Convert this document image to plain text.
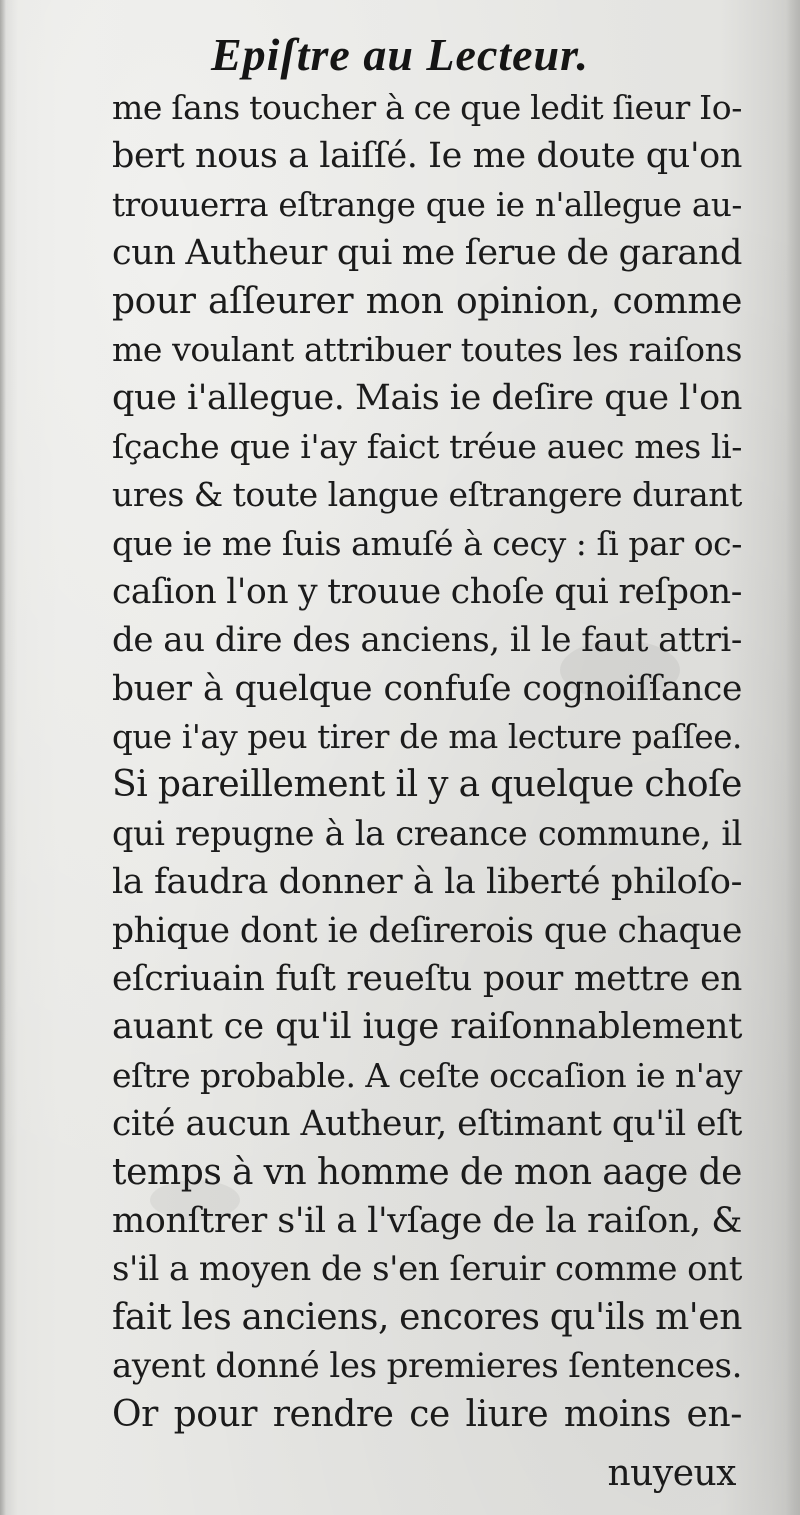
Epiſtre au Lecteur.
me ſans toucher à ce que ledit ſieur Io-
bert nous a laiſſé. Ie me doute qu'on
trouuerra eſtrange que ie n'allegue au-
cun Autheur qui me ſerue de garand
pour aſſeurer mon opinion, comme
me voulant attribuer toutes les raiſons
que i'allegue. Mais ie deſire que l'on
ſçache que i'ay faict tréue auec mes li-
ures & toute langue eſtrangere durant
que ie me ſuis amuſé à cecy : ſi par oc-
caſion l'on y trouue choſe qui reſpon-
de au dire des anciens, il le faut attri-
buer à quelque confuſe cognoiſſance
que i'ay peu tirer de ma lecture paſſee.
Si pareillement il y a quelque choſe
qui repugne à la creance commune, il
la faudra donner à la liberté philoſo-
phique dont ie deſirerois que chaque
eſcriuain fuſt reueſtu pour mettre en
auant ce qu'il iuge raiſonnablement
eſtre probable. A ceſte occaſion ie n'ay
cité aucun Autheur, eſtimant qu'il eſt
temps à vn homme de mon aage de
monſtrer s'il a l'vſage de la raiſon, &
s'il a moyen de s'en ſeruir comme ont
fait les anciens, encores qu'ils m'en
ayent donné les premieres ſentences.
Or pour rendre ce liure moins en-
nuyeux
